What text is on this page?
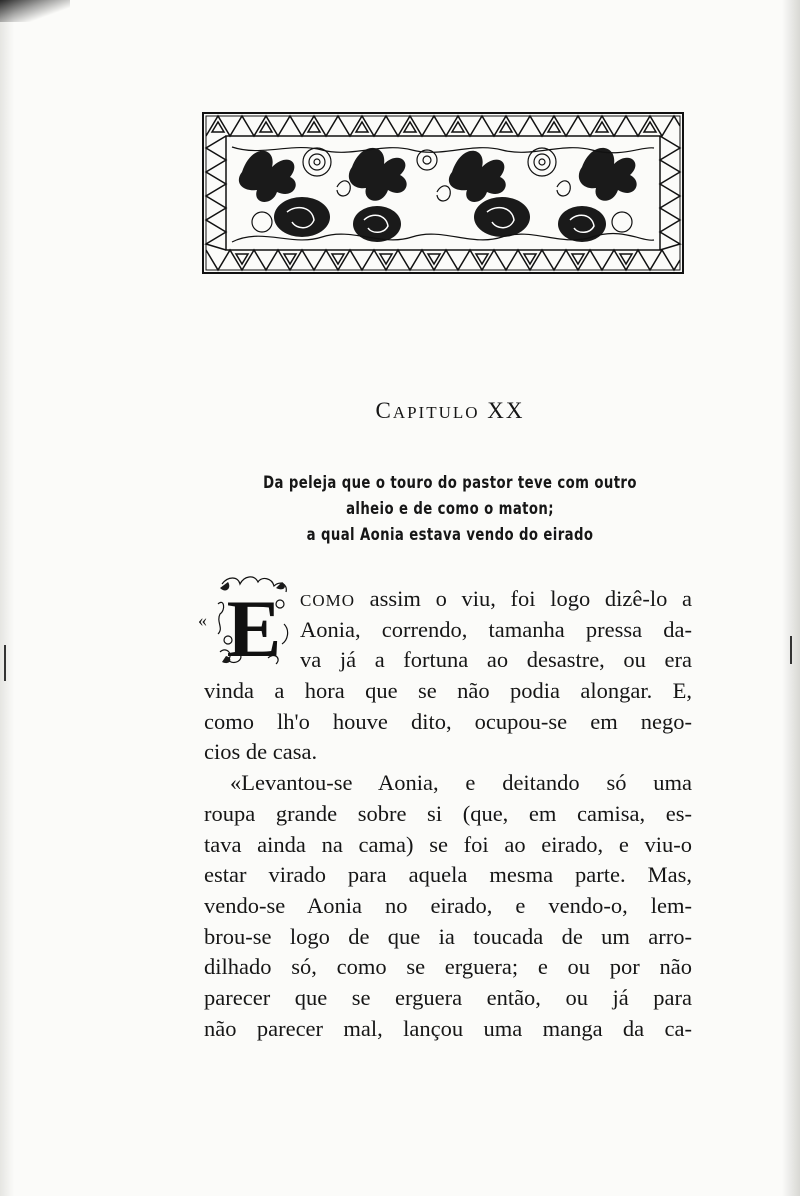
CAPITULO XX
Da peleja que o touro do pastor teve com outro
alheio e de como o maton;
a qual Aonia estava vendo do eirado
E
«
COMO assim o viu, foi logo dizê-lo a
Aonia, correndo, tamanha pressa da-
va já a fortuna ao desastre, ou era
vinda a hora que se não podia alongar. E,
como lh'o houve dito, ocupou-se em nego-
cios de casa.
«Levantou-se Aonia, e deitando só uma
roupa grande sobre si (que, em camisa, es-
tava ainda na cama) se foi ao eirado, e viu-o
estar virado para aquela mesma parte. Mas,
vendo-se Aonia no eirado, e vendo-o, lem-
brou-se logo de que ia toucada de um arro-
dilhado só, como se erguera; e ou por não
parecer que se erguera então, ou já para
não parecer mal, lançou uma manga da ca-
